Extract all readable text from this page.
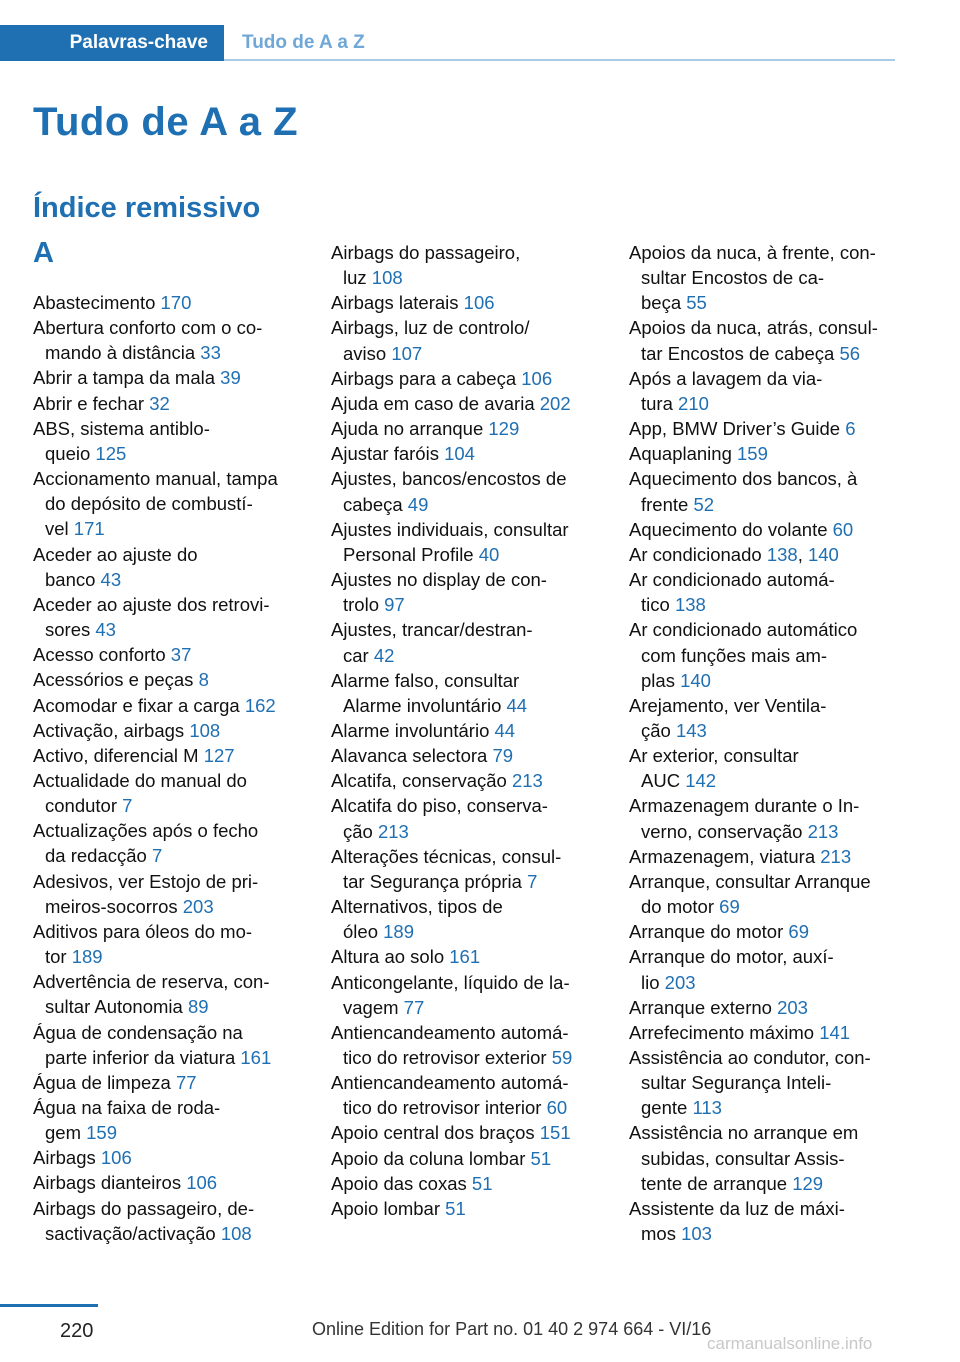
Palavras-chave	Tudo de A a Z
Tudo de A a Z
Índice remissivo
A
Abastecimento 170
Abertura conforto com o co‐
mando à distância 33
Abrir a tampa da mala 39
Abrir e fechar 32
ABS, sistema antiblo‐
queio 125
Accionamento manual, tampa
do depósito de combustí‐
vel 171
Aceder ao ajuste do
banco 43
Aceder ao ajuste dos retrovi‐
sores 43
Acesso conforto 37
Acessórios e peças 8
Acomodar e fixar a carga 162
Activação, airbags 108
Activo, diferencial M 127
Actualidade do manual do
condutor 7
Actualizações após o fecho
da redacção 7
Adesivos, ver Estojo de pri‐
meiros-socorros 203
Aditivos para óleos do mo‐
tor 189
Advertência de reserva, con‐
sultar Autonomia 89
Água de condensação na
parte inferior da viatura 161
Água de limpeza 77
Água na faixa de roda‐
gem 159
Airbags 106
Airbags dianteiros 106
Airbags do passageiro, de‐
sactivação/activação 108
Airbags do passageiro,
luz 108
Airbags laterais 106
Airbags, luz de controlo/
aviso 107
Airbags para a cabeça 106
Ajuda em caso de avaria 202
Ajuda no arranque 129
Ajustar faróis 104
Ajustes, bancos/encostos de
cabeça 49
Ajustes individuais, consultar
Personal Profile 40
Ajustes no display de con‐
trolo 97
Ajustes, trancar/destran‐
car 42
Alarme falso, consultar
Alarme involuntário 44
Alarme involuntário 44
Alavanca selectora 79
Alcatifa, conservação 213
Alcatifa do piso, conserva‐
ção 213
Alterações técnicas, consul‐
tar Segurança própria 7
Alternativos, tipos de
óleo 189
Altura ao solo 161
Anticongelante, líquido de la‐
vagem 77
Antiencandeamento automá‐
tico do retrovisor exterior 59
Antiencandeamento automá‐
tico do retrovisor interior 60
Apoio central dos braços 151
Apoio da coluna lombar 51
Apoio das coxas 51
Apoio lombar 51
Apoios da nuca, à frente, con‐
sultar Encostos de ca‐
beça 55
Apoios da nuca, atrás, consul‐
tar Encostos de cabeça 56
Após a lavagem da via‐
tura 210
App, BMW Driver’s Guide 6
Aquaplaning 159
Aquecimento dos bancos, à
frente 52
Aquecimento do volante 60
Ar condicionado 138, 140
Ar condicionado automá‐
tico 138
Ar condicionado automático
com funções mais am‐
plas 140
Arejamento, ver Ventila‐
ção 143
Ar exterior, consultar
AUC 142
Armazenagem durante o In‐
verno, conservação 213
Armazenagem, viatura 213
Arranque, consultar Arranque
do motor 69
Arranque do motor 69
Arranque do motor, auxí‐
lio 203
Arranque externo 203
Arrefecimento máximo 141
Assistência ao condutor, con‐
sultar Segurança Inteli‐
gente 113
Assistência no arranque em
subidas, consultar Assis‐
tente de arranque 129
Assistente da luz de máxi‐
mos 103
220	Online Edition for Part no. 01 40 2 974 664 - VI/16
carmanualsonline.info
